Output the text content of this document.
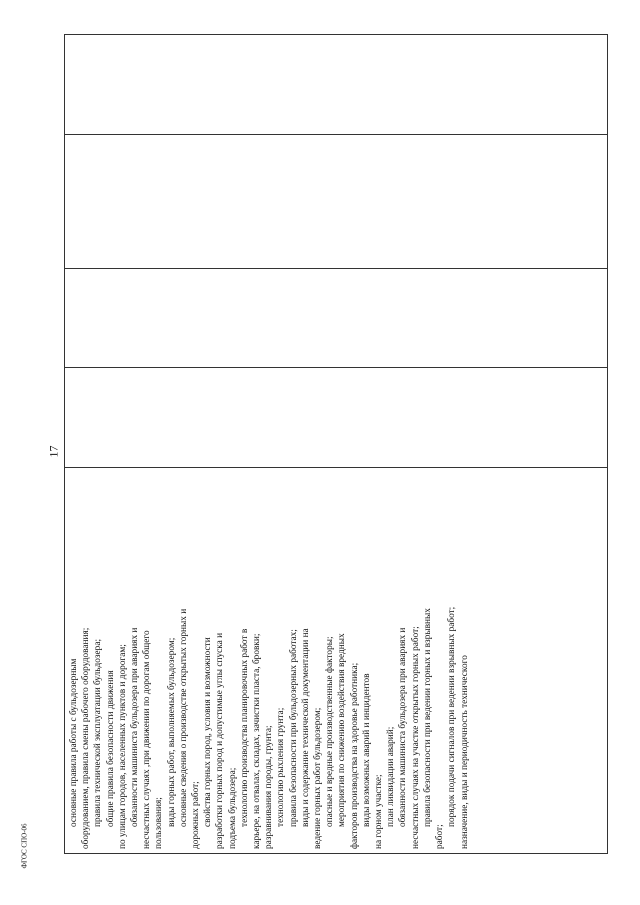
17
основные правила работы с бульдозерным оборудованием, правила смены рабочего оборудования; правила технической эксплуатации бульдозера; общие правила безопасности движения по улицам городов, населенных пунктов и дорогам; обязанности машиниста бульдозера при авариях и несчастных случаях ,при движении по дорогам общего пользования; виды горных работ, выполняемых бульдозером; основные сведения о производстве открытых горных и дорожных работ; свойства горных пород, условия и возможности разработки горных пород и допустимые углы спуска и подъема бульдозера; технологию производства планировочных работ в карьере, на отвалах, складах, зачистки пласта, бровки; разравнивания породы, грунта; технологию рыхления грунта; правила безопасности при бульдозерных работах; виды и содержание технической документации на ведение горных работ бульдозером; опасные и вредные производственные факторы; мероприятия по снижению воздействия вредных факторов производства на здоровье работника; виды возможных аварий и инцидентов на горном участке; план ликвидации аварий; обязанности машиниста бульдозера при авариях и несчастных случаях на участке открытых горных работ; правила безопасности при ведении горных и взрывных
работ;
порядок подачи сигналов при ведении взрывных работ; назначение, виды и периодичность технического
ФГОС СПО-06
